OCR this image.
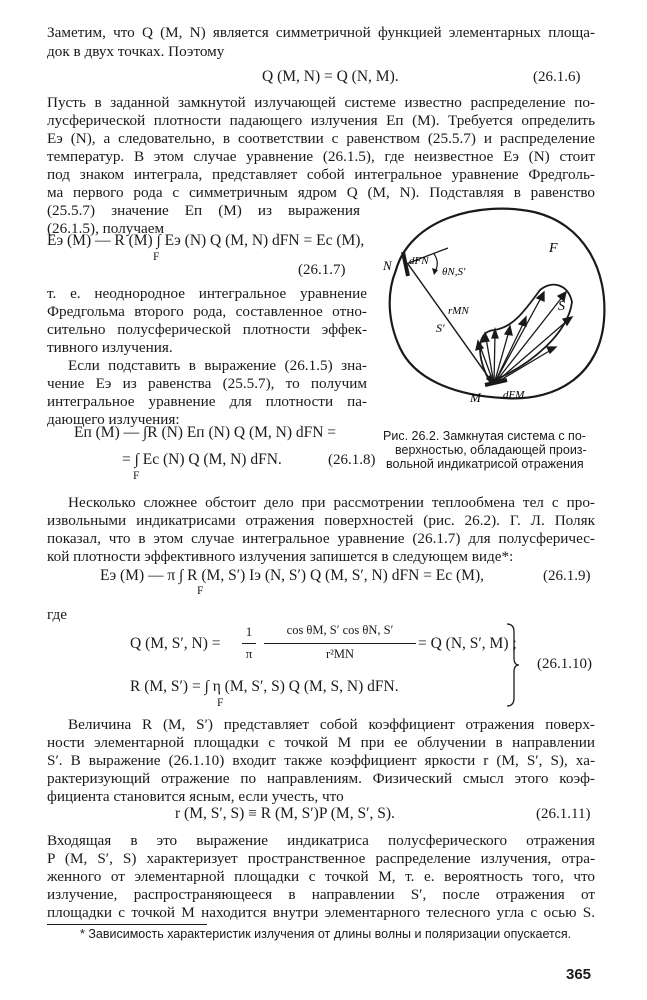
Заметим, что Q (M, N) является симметричной функцией элементарных площа-
док в двух точках. Поэтому
Q (M, N) = Q (N, M).	(26.1.6)
Пусть в заданной замкнутой излучающей системе известно распределение по-
лусферической плотности падающего излучения Eп (M). Требуется определить
Eэ (N), а следовательно, в соответствии с равенством (25.5.7) и распределение
температур. В этом случае уравнение (26.1.5), где неизвестное Eэ (N) стоит
под знаком интеграла, представляет собой интегральное уравнение Фредголь-
ма первого рода с симметричным ядром Q (M, N). Подставляя в равенство
(25.5.7) значение Eп (M) из выражения
(26.1.5), получаем
Eэ (M) — R (M) ∫ Eэ (N) Q (M, N) dFN = Ec (M),
F
(26.1.7)
т. е. неоднородное интегральное уравнение
Фредгольма второго рода, составленное отно-
сительно полусферической плотности эффек-
тивного излучения.
Если подставить в выражение (26.1.5) зна-
чение Eэ из равенства (25.5.7), то получим
интегральное уравнение для плотности па-
дающего излучения:
Eп (M) — ∫R (N) Eп (N) Q (M, N) dFN =
= ∫ Ec (N) Q (M, N) dFN.
F
(26.1.8)
F
N dFN
θN,S′
rMN
S′
S
M dFM
Рис. 26.2. Замкнутая система с по-
верхностью, обладающей произ-
вольной индикатрисой отражения
Несколько сложнее обстоит дело при рассмотрении теплообмена тел с про-
извольными индикатрисами отражения поверхностей (рис. 26.2). Г. Л. Поляк
показал, что в этом случае интегральное уравнение (26.1.7) для полусферичес-
кой плотности эффективного излучения запишется в следующем виде*:
Eэ (M) — π ∫ R (M, S′) Iэ (N, S′) Q (M, S′, N) dFN = Ec (M),
F
(26.1.9)
где
Q (M, S′, N) =
1
π
cos θM, S′ cos θN, S′
r²MN
= Q (N, S′, M) ;
R (M, S′) = ∫ η (M, S′, S) Q (M, S, N) dFN.
F
(26.1.10)
Величина R (M, S′) представляет собой коэффициент отражения поверх-
ности элементарной площадки с точкой M при ее облучении в направлении
S′. В выражение (26.1.10) входит также коэффициент яркости r (M, S′, S), ха-
рактеризующий отражение по направлениям. Физический смысл этого коэф-
фициента становится ясным, если учесть, что
r (M, S′, S) ≡ R (M, S′)P (M, S′, S).	(26.1.11)
Входящая в это выражение индикатриса полусферического отражения
P (M, S′, S) характеризует пространственное распределение излучения, отра-
женного от элементарной площадки с точкой M, т. е. вероятность того, что
излучение, распространяющееся в направлении S′, после отражения от
площадки с точкой M находится внутри элементарного телесного угла с осью S.
* Зависимость характеристик излучения от длины волны и поляризации опускается.
365
